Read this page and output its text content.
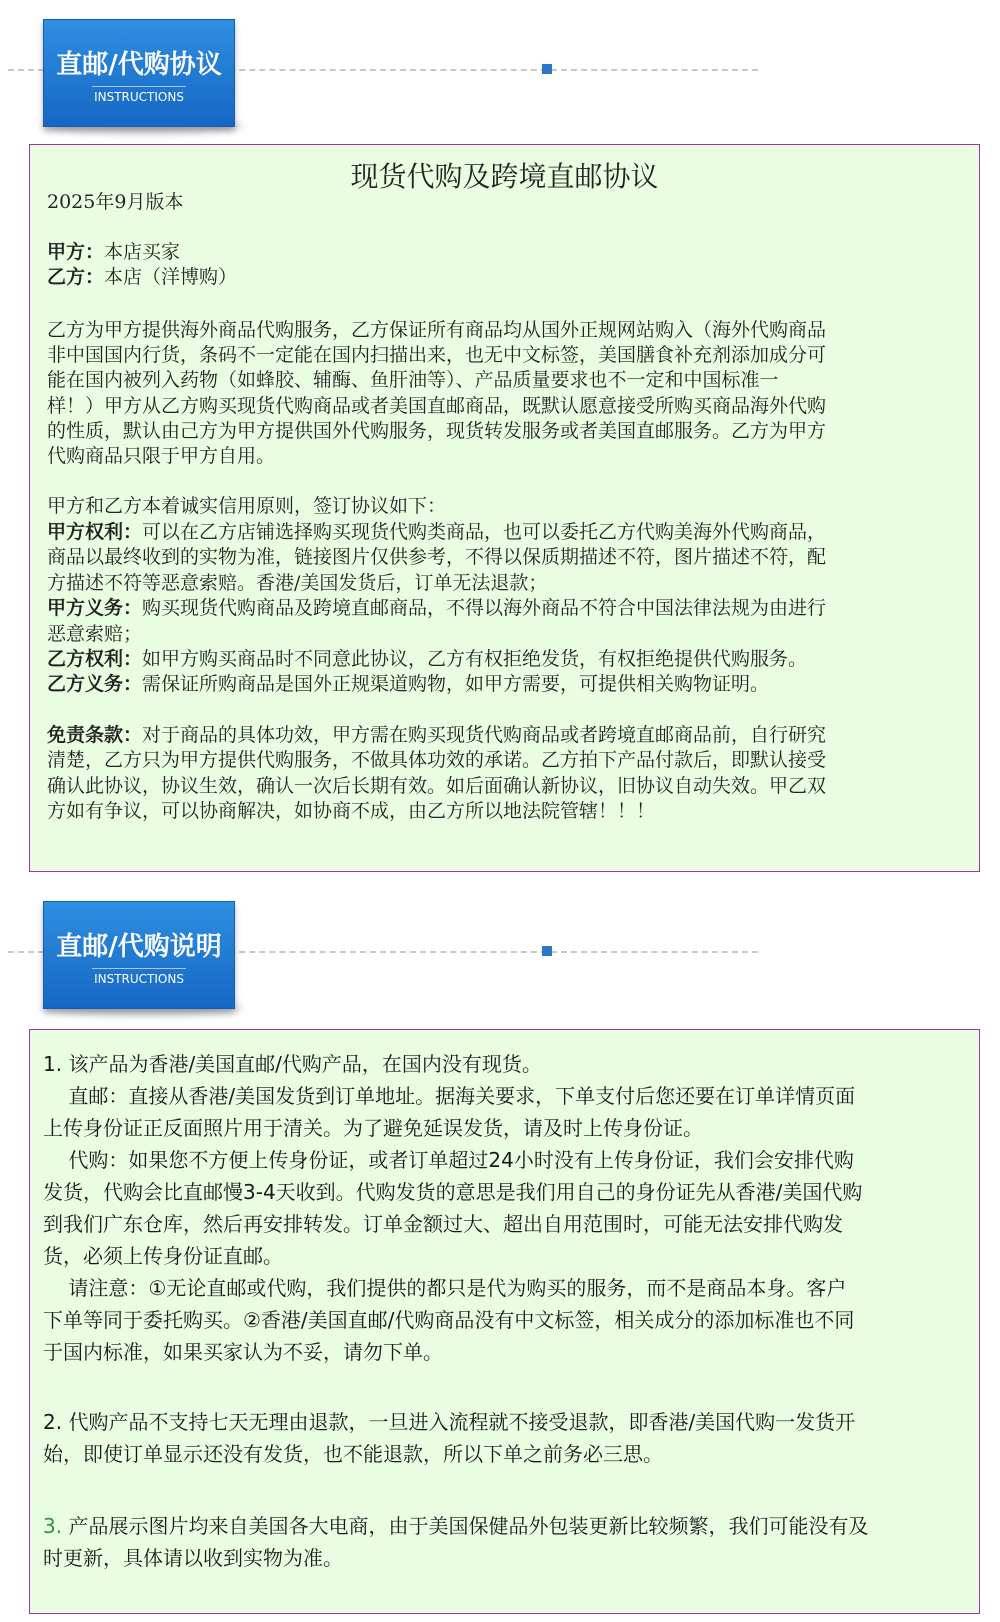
直邮/代购协议
INSTRUCTIONS
现货代购及跨境直邮协议
2025年9月版本
甲方：本店买家
乙方：本店（洋博购）
乙方为甲方提供海外商品代购服务，乙方保证所有商品均从国外正规网站购入（海外代购商品
非中国国内行货，条码不一定能在国内扫描出来，也无中文标签，美国膳食补充剂添加成分可
能在国内被列入药物（如蜂胶、辅酶、鱼肝油等）、产品质量要求也不一定和中国标准一
样！）甲方从乙方购买现货代购商品或者美国直邮商品，既默认愿意接受所购买商品海外代购
的性质，默认由己方为甲方提供国外代购服务，现货转发服务或者美国直邮服务。乙方为甲方
代购商品只限于甲方自用。
甲方和乙方本着诚实信用原则，签订协议如下：
甲方权利：可以在乙方店铺选择购买现货代购类商品，也可以委托乙方代购美海外代购商品，
商品以最终收到的实物为准，链接图片仅供参考，不得以保质期描述不符，图片描述不符，配
方描述不符等恶意索赔。香港/美国发货后，订单无法退款；
甲方义务：购买现货代购商品及跨境直邮商品，不得以海外商品不符合中国法律法规为由进行
恶意索赔；
乙方权利：如甲方购买商品时不同意此协议，乙方有权拒绝发货，有权拒绝提供代购服务。
乙方义务：需保证所购商品是国外正规渠道购物，如甲方需要，可提供相关购物证明。
免责条款：对于商品的具体功效，甲方需在购买现货代购商品或者跨境直邮商品前，自行研究
清楚，乙方只为甲方提供代购服务，不做具体功效的承诺。乙方拍下产品付款后，即默认接受
确认此协议，协议生效，确认一次后长期有效。如后面确认新协议，旧协议自动失效。甲乙双
方如有争议，可以协商解决，如协商不成，由乙方所以地法院管辖！！！
直邮/代购说明
INSTRUCTIONS
1. 该产品为香港/美国直邮/代购产品，在国内没有现货。
直邮：直接从香港/美国发货到订单地址。据海关要求，下单支付后您还要在订单详情页面
上传身份证正反面照片用于清关。为了避免延误发货，请及时上传身份证。
代购：如果您不方便上传身份证，或者订单超过24小时没有上传身份证，我们会安排代购
发货，代购会比直邮慢3-4天收到。代购发货的意思是我们用自己的身份证先从香港/美国代购
到我们广东仓库，然后再安排转发。订单金额过大、超出自用范围时，可能无法安排代购发
货，必须上传身份证直邮。
请注意：①无论直邮或代购，我们提供的都只是代为购买的服务，而不是商品本身。客户
下单等同于委托购买。②香港/美国直邮/代购商品没有中文标签，相关成分的添加标准也不同
于国内标准，如果买家认为不妥，请勿下单。
2. 代购产品不支持七天无理由退款，一旦进入流程就不接受退款，即香港/美国代购一发货开
始，即使订单显示还没有发货，也不能退款，所以下单之前务必三思。
3. 产品展示图片均来自美国各大电商，由于美国保健品外包装更新比较频繁，我们可能没有及
时更新，具体请以收到实物为准。
